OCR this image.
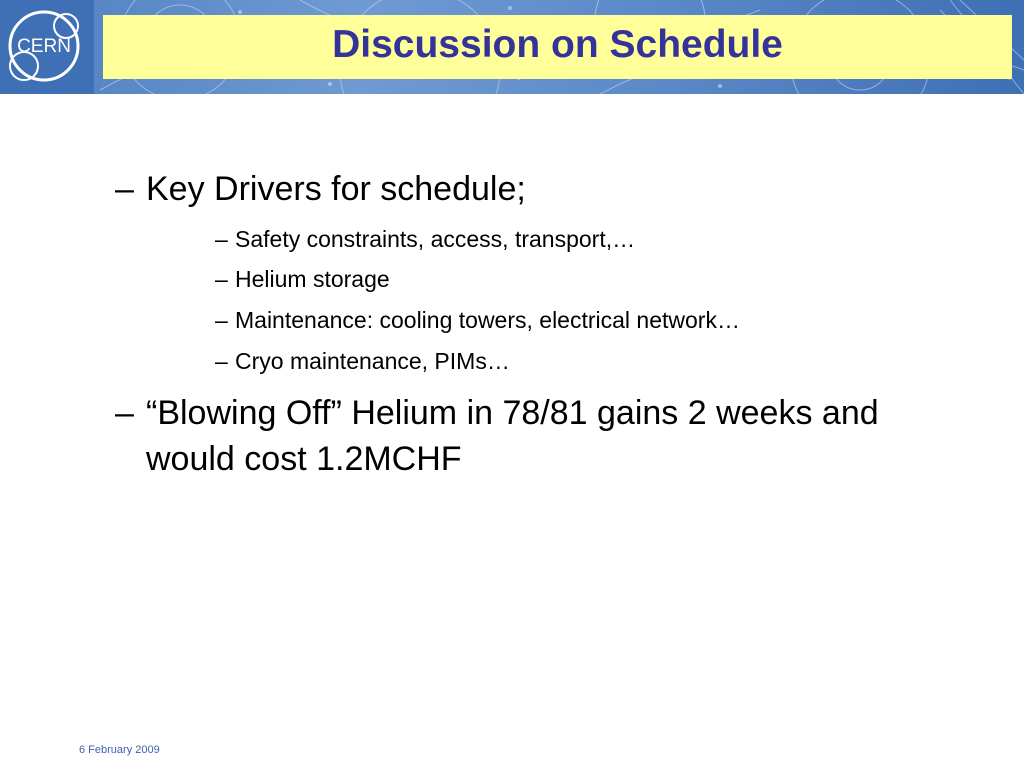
CERN	Discussion on Schedule
– Key Drivers for schedule;
– Safety constraints, access, transport,…
– Helium storage
– Maintenance: cooling towers, electrical network…
– Cryo maintenance, PIMs…
– “Blowing Off” Helium in 78/81 gains 2 weeks and would cost 1.2MCHF
6 February 2009
